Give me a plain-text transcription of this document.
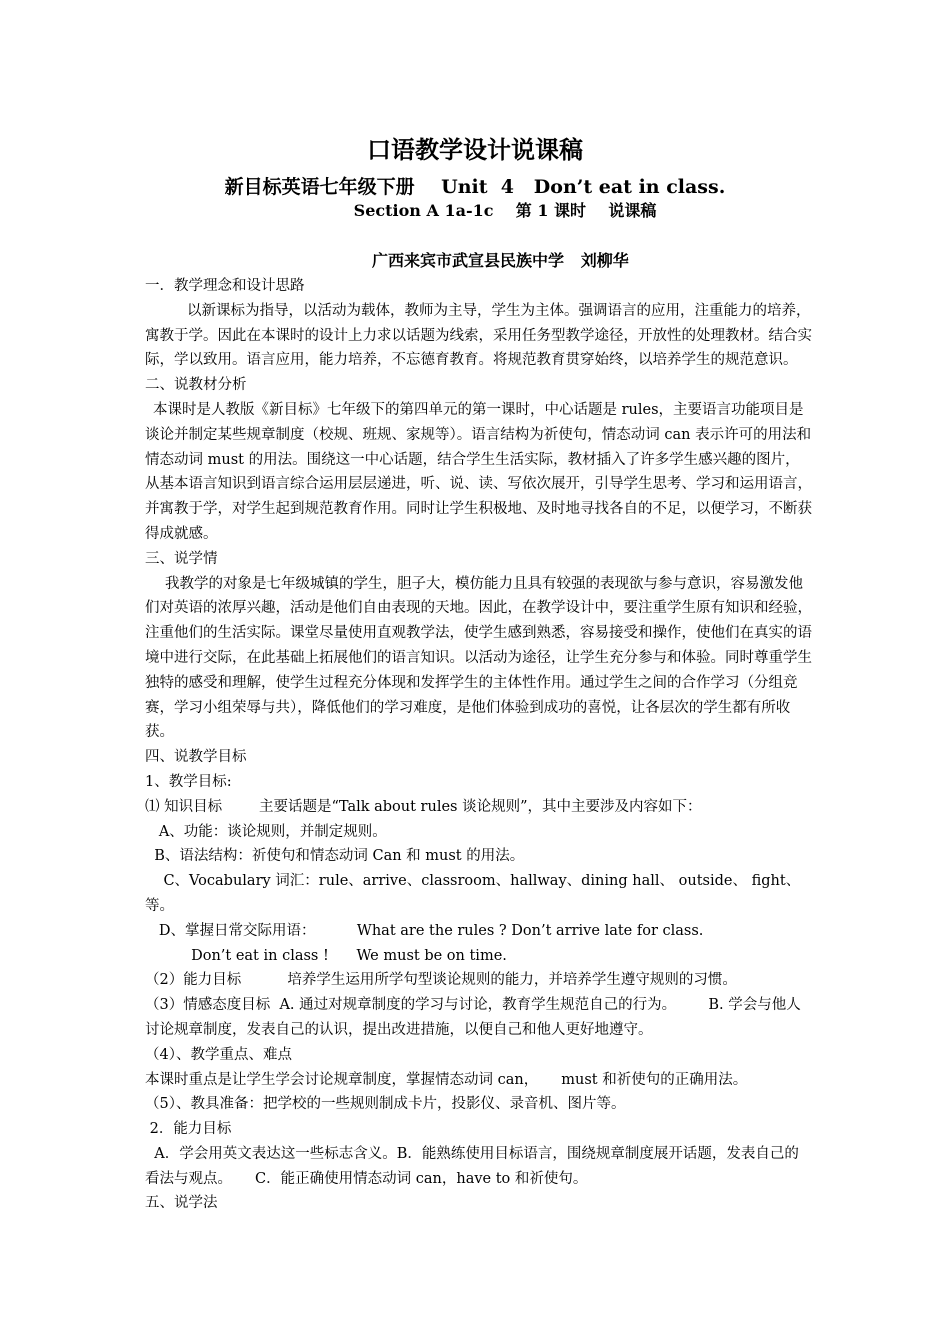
口语教学设计说课稿
新目标英语七年级下册    Unit  4   Don’t eat in class.
Section A 1a-1c    第 1 课时    说课稿
广西来宾市武宣县民族中学   刘柳华

一．教学理念和设计思路

以新课标为指导，以活动为载体，教师为主导，学生为主体。强调语言的应用，注重能力的培养，寓教于学。因此在本课时的设计上力求以话题为线索，采用任务型教学途径，开放性的处理教材。结合实际，学以致用。语言应用，能力培养，不忘德育教育。将规范教育贯穿始终，以培养学生的规范意识。

二、说教材分析

本课时是人教版《新目标》七年级下的第四单元的第一课时，中心话题是 rules，主要语言功能项目是谈论并制定某些规章制度（校规、班规、家规等）。语言结构为祈使句，情态动词 can 表示许可的用法和情态动词 must 的用法。围绕这一中心话题，结合学生生活实际，教材插入了许多学生感兴趣的图片，从基本语言知识到语言综合运用层层递进，听、说、读、写依次展开，引导学生思考、学习和运用语言，并寓教于学，对学生起到规范教育作用。同时让学生积极地、及时地寻找各自的不足，以便学习，不断获得成就感。

三、说学情

我教学的对象是七年级城镇的学生，胆子大，模仿能力且具有较强的表现欲与参与意识，容易激发他们对英语的浓厚兴趣，活动是他们自由表现的天地。因此，在教学设计中，要注重学生原有知识和经验，注重他们的生活实际。课堂尽量使用直观教学法，使学生感到熟悉，容易接受和操作，使他们在真实的语境中进行交际，在此基础上拓展他们的语言知识。以活动为途径，让学生充分参与和体验。同时尊重学生独特的感受和理解，使学生过程充分体现和发挥学生的主体性作用。通过学生之间的合作学习（分组竞赛，学习小组荣辱与共），降低他们的学习难度，是他们体验到成功的喜悦，让各层次的学生都有所收获。

四、说教学目标

1、教学目标:

⑴ 知识目标        主要话题是“Talk about rules 谈论规则”，其中主要涉及内容如下：

A、功能：谈论规则，并制定规则。

B、语法结构：祈使句和情态动词 Can 和 must 的用法。

C、Vocabulary 词汇：rule、arrive、classroom、hallway、dining hall、 outside、 fight、等。

D、掌握日常交际用语：         What are the rules ? Don’t arrive late for class.

Don’t eat in class !      We must be on time.

（2）能力目标          培养学生运用所学句型谈论规则的能力，并培养学生遵守规则的习惯。

（3）情感态度目标  A. 通过对规章制度的学习与讨论，教育学生规范自己的行为。       B. 学会与他人讨论规章制度，发表自己的认识，提出改进措施，以便自己和他人更好地遵守。

（4）、教学重点、难点

本课时重点是让学生学会讨论规章制度，掌握情态动词 can，     must 和祈使句的正确用法。

（5）、教具准备：把学校的一些规则制成卡片，投影仪、录音机、图片等。

2．能力目标

A．学会用英文表达这一些标志含义。B．能熟练使用目标语言，围绕规章制度展开话题，发表自己的看法与观点。     C．能正确使用情态动词 can，have to 和祈使句。

五、说学法
